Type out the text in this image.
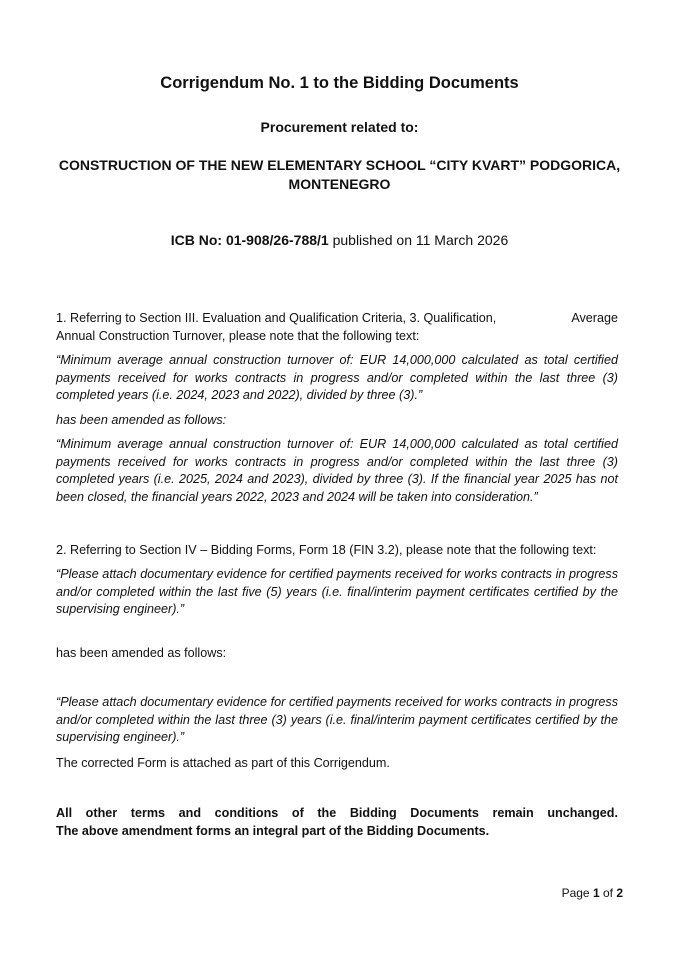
Corrigendum No. 1 to the Bidding Documents
Procurement related to:
CONSTRUCTION OF THE NEW ELEMENTARY SCHOOL “CITY KVART” PODGORICA,
MONTENEGRO
ICB No: 01-908/26-788/1 published on 11 March 2026
1. Referring to Section III. Evaluation and Qualification Criteria, 3. Qualification,	Average
Annual Construction Turnover, please note that the following text:
“Minimum average annual construction turnover of: EUR 14,000,000 calculated as total certified payments received for works contracts in progress and/or completed within the last three (3) completed years (i.e. 2024, 2023 and 2022), divided by three (3).”
has been amended as follows:
“Minimum average annual construction turnover of: EUR 14,000,000 calculated as total certified payments received for works contracts in progress and/or completed within the last three (3) completed years (i.e. 2025, 2024 and 2023), divided by three (3). If the financial year 2025 has not been closed, the financial years 2022, 2023 and 2024 will be taken into consideration.”
2. Referring to Section IV – Bidding Forms, Form 18 (FIN 3.2), please note that the following text:
“Please attach documentary evidence for certified payments received for works contracts in progress and/or completed within the last five (5) years (i.e. final/interim payment certificates certified by the supervising engineer).”
has been amended as follows:
“Please attach documentary evidence for certified payments received for works contracts in progress and/or completed within the last three (3) years (i.e. final/interim payment certificates certified by the supervising engineer).”
The corrected Form is attached as part of this Corrigendum.
All other terms and conditions of the Bidding Documents remain unchanged.
The above amendment forms an integral part of the Bidding Documents.
Page 1 of 2
